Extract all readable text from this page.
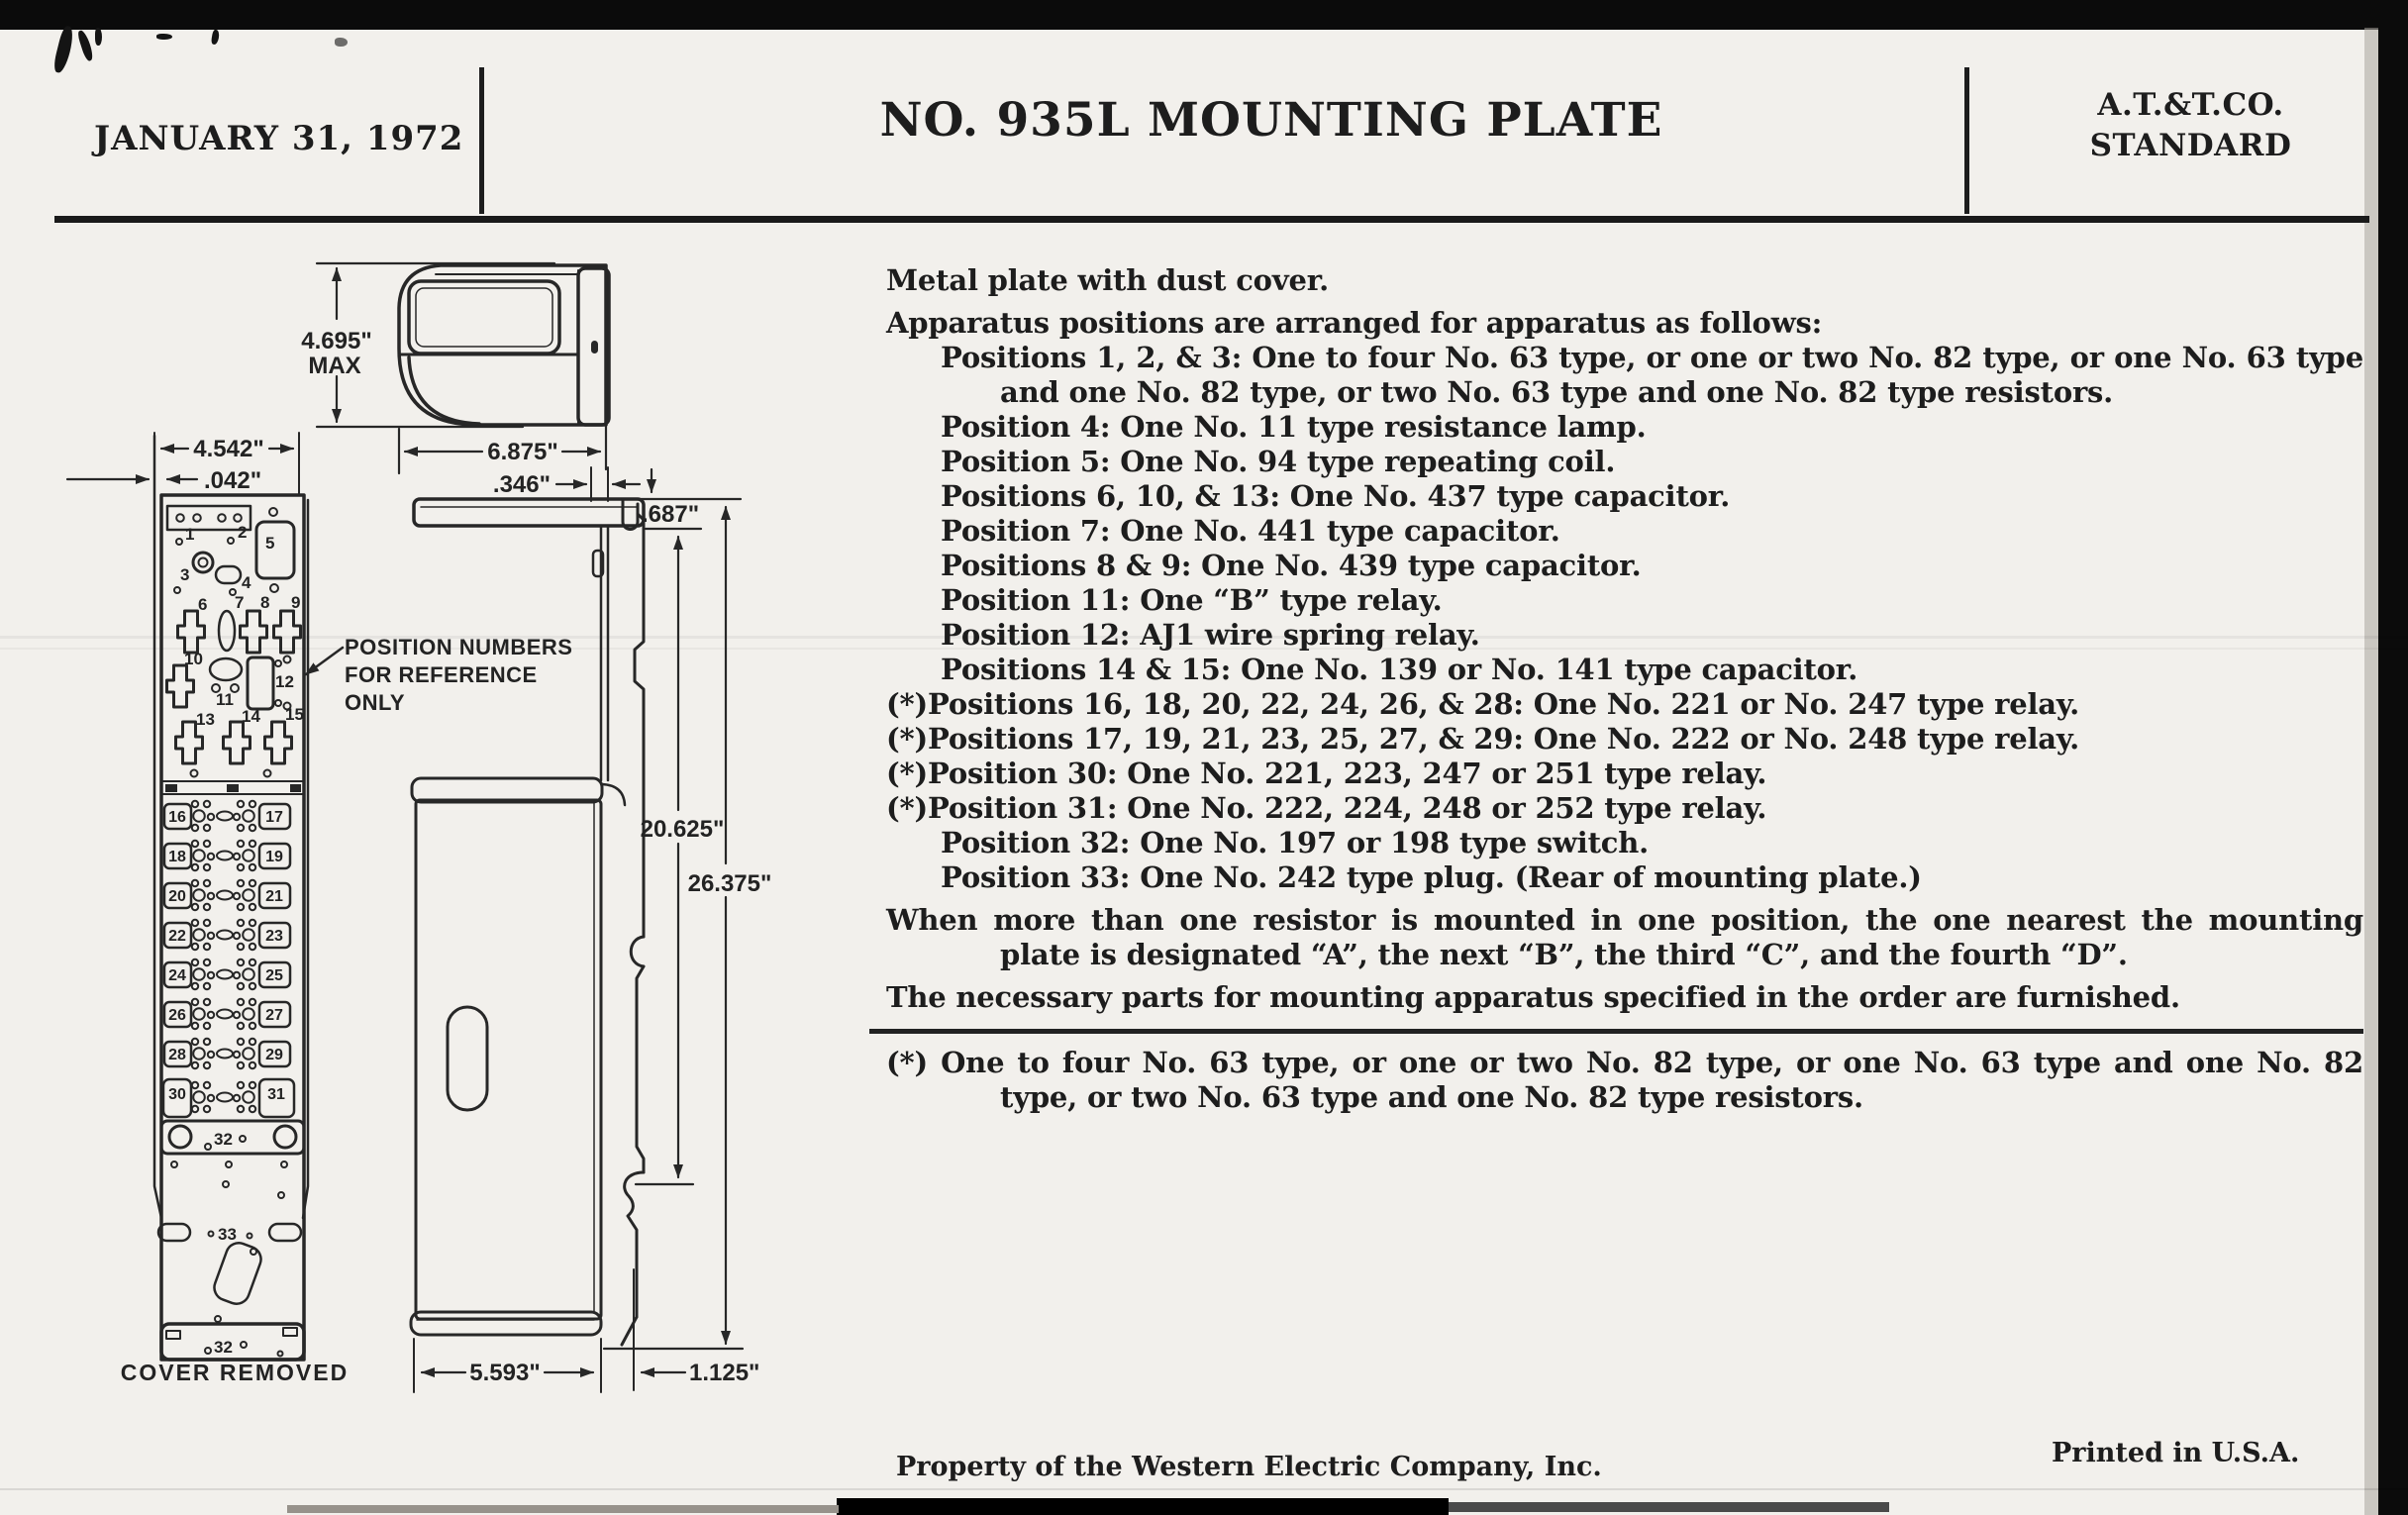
JANUARY 31, 1972	NO. 935L MOUNTING PLATE	A.T.&T.CO.
STANDARD
4.695"
MAX
6.875"
.346"
.687"
20.625"
26.375"
5.593"	1.125"
POSITION NUMBERS
FOR REFERENCE
ONLY
4.542"
.042"
1	2
3	4
5
6 7 8 9
10
11
12
13 14 15
16	17
18	19
20	21
22	23
24	25
26	27
28	29
30	31
32
33
32
COVER REMOVED

Metal plate with dust cover.

Apparatus positions are arranged for apparatus as follows:

Positions 1, 2, & 3: One to four No. 63 type, or one or two No. 82 type, or one No. 63 type and one No. 82 type, or two No. 63 type and one No. 82 type resistors.

Position 4: One No. 11 type resistance lamp.

Position 5: One No. 94 type repeating coil.

Positions 6, 10, & 13: One No. 437 type capacitor.

Position 7: One No. 441 type capacitor.

Positions 8 & 9: One No. 439 type capacitor.

Position 11: One “B” type relay.

Position 12: AJ1 wire spring relay.

Positions 14 & 15: One No. 139 or No. 141 type capacitor.

(*)Positions 16, 18, 20, 22, 24, 26, & 28: One No. 221 or No. 247 type relay.

(*)Positions 17, 19, 21, 23, 25, 27, & 29: One No. 222 or No. 248 type relay.

(*)Position 30: One No. 221, 223, 247 or 251 type relay.

(*)Position 31: One No. 222, 224, 248 or 252 type relay.

Position 32: One No. 197 or 198 type switch.

Position 33: One No. 242 type plug. (Rear of mounting plate.)

When more than one resistor is mounted in one position, the one nearest the mounting plate is designated “A”, the next “B”, the third “C”, and the fourth “D”.

The necessary parts for mounting apparatus specified in the order are furnished.

(*) One to four No. 63 type, or one or two No. 82 type, or one No. 63 type and one No. 82 type, or two No. 63 type and one No. 82 type resistors.

Property of the Western Electric Company, Inc.	Printed in U.S.A.
